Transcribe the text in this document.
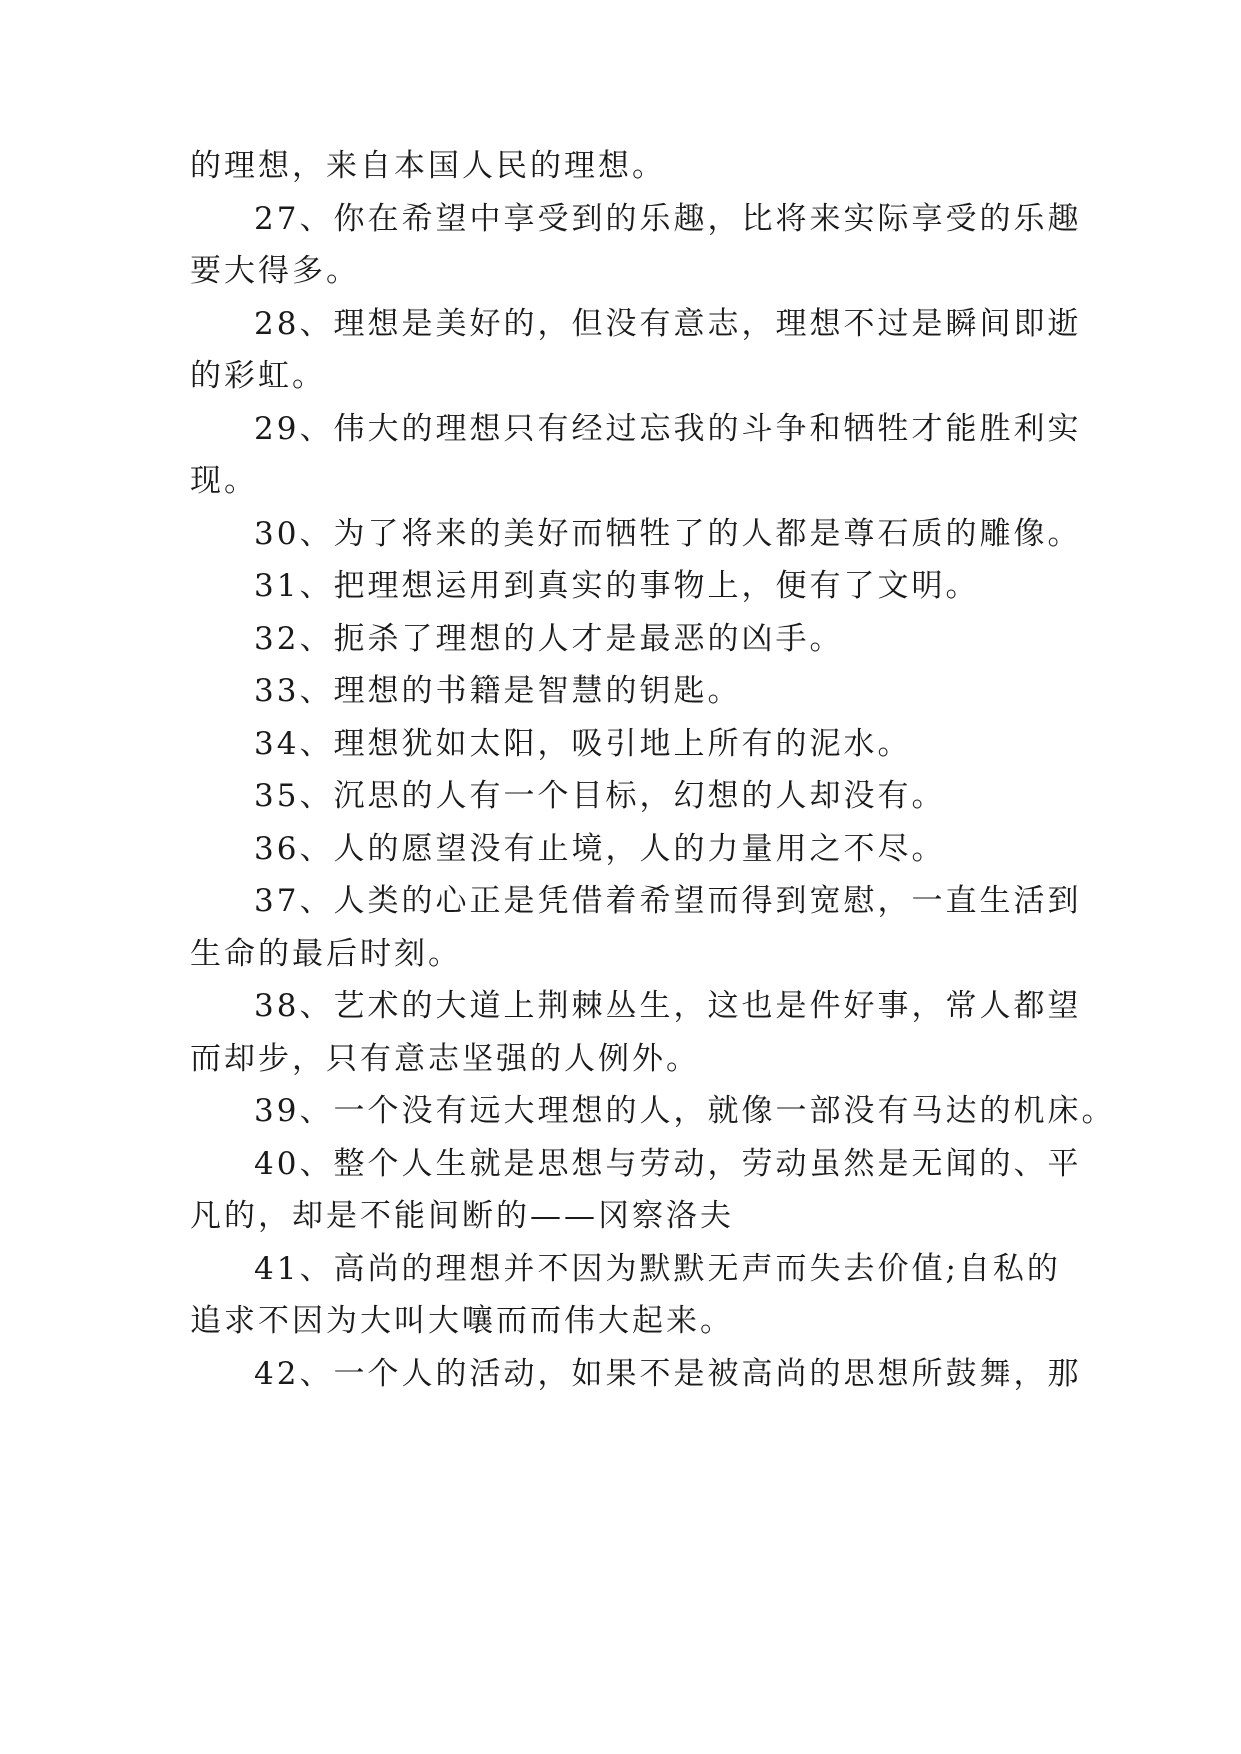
的理想，来自本国人民的理想。
27、你在希望中享受到的乐趣，比将来实际享受的乐趣
要大得多。
28、理想是美好的，但没有意志，理想不过是瞬间即逝
的彩虹。
29、伟大的理想只有经过忘我的斗争和牺牲才能胜利实
现。
30、为了将来的美好而牺牲了的人都是尊石质的雕像。
31、把理想运用到真实的事物上，便有了文明。
32、扼杀了理想的人才是最恶的凶手。
33、理想的书籍是智慧的钥匙。
34、理想犹如太阳，吸引地上所有的泥水。
35、沉思的人有一个目标，幻想的人却没有。
36、人的愿望没有止境，人的力量用之不尽。
37、人类的心正是凭借着希望而得到宽慰，一直生活到
生命的最后时刻。
38、艺术的大道上荆棘丛生，这也是件好事，常人都望
而却步，只有意志坚强的人例外。
39、一个没有远大理想的人，就像一部没有马达的机床。
40、整个人生就是思想与劳动，劳动虽然是无闻的、平
凡的，却是不能间断的——冈察洛夫
41、高尚的理想并不因为默默无声而失去价值;自私的
追求不因为大叫大嚷而而伟大起来。
42、一个人的活动，如果不是被高尚的思想所鼓舞，那
